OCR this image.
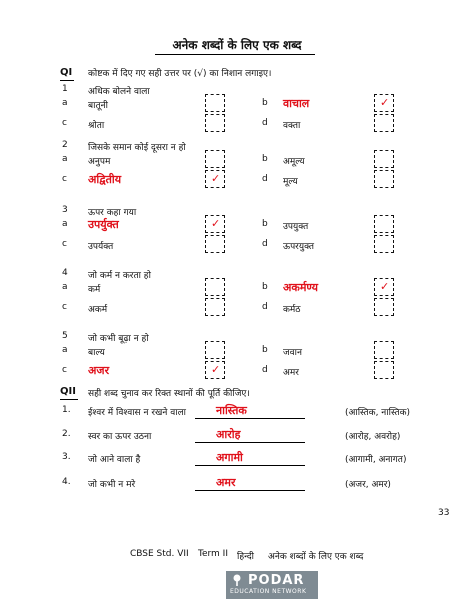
अनेक शब्दों के लिए एक शब्द
QI कोष्टक में दिए गए सही उत्तर पर (√) का निशान लगाइए।
1 अधिक बोलने वाला
a बातूनी	b वाचाल	✓
c श्रोता	d वक्ता
2 जिसके समान कोई दूसरा न हो
a अनुपम	b अमूल्य
c अद्वितीय	✓	d मूल्य
3 ऊपर कहा गया
a उपर्युक्त	✓	b उपयुक्त
c उपर्यक्त	d ऊपरयुक्त
4 जो कर्म न करता हो
a कर्म	b अकर्मण्य	✓
c अकर्म	d कर्मठ
5 जो कभी बूढ़ा न हो
a बाल्य	b जवान
c अजर	✓	d अमर
QII सही शब्द चुनाव कर रिक्त स्थानों की पूर्ति कीजिए।
1. ईश्वर में विश्वास न रखने वाला	नास्तिक	(आस्तिक, नास्तिक)
2. स्वर का ऊपर उठना	आरोह	(आरोह, अवरोह)
3. जो आने वाला है	अगामी	(आगामी, अनागत)
4. जो कभी न मरे	अमर	(अजर, अमर)
33
CBSE Std. VII Term II हिन्दी अनेक शब्दों के लिए एक शब्द
PODAR
EDUCATION NETWORK
